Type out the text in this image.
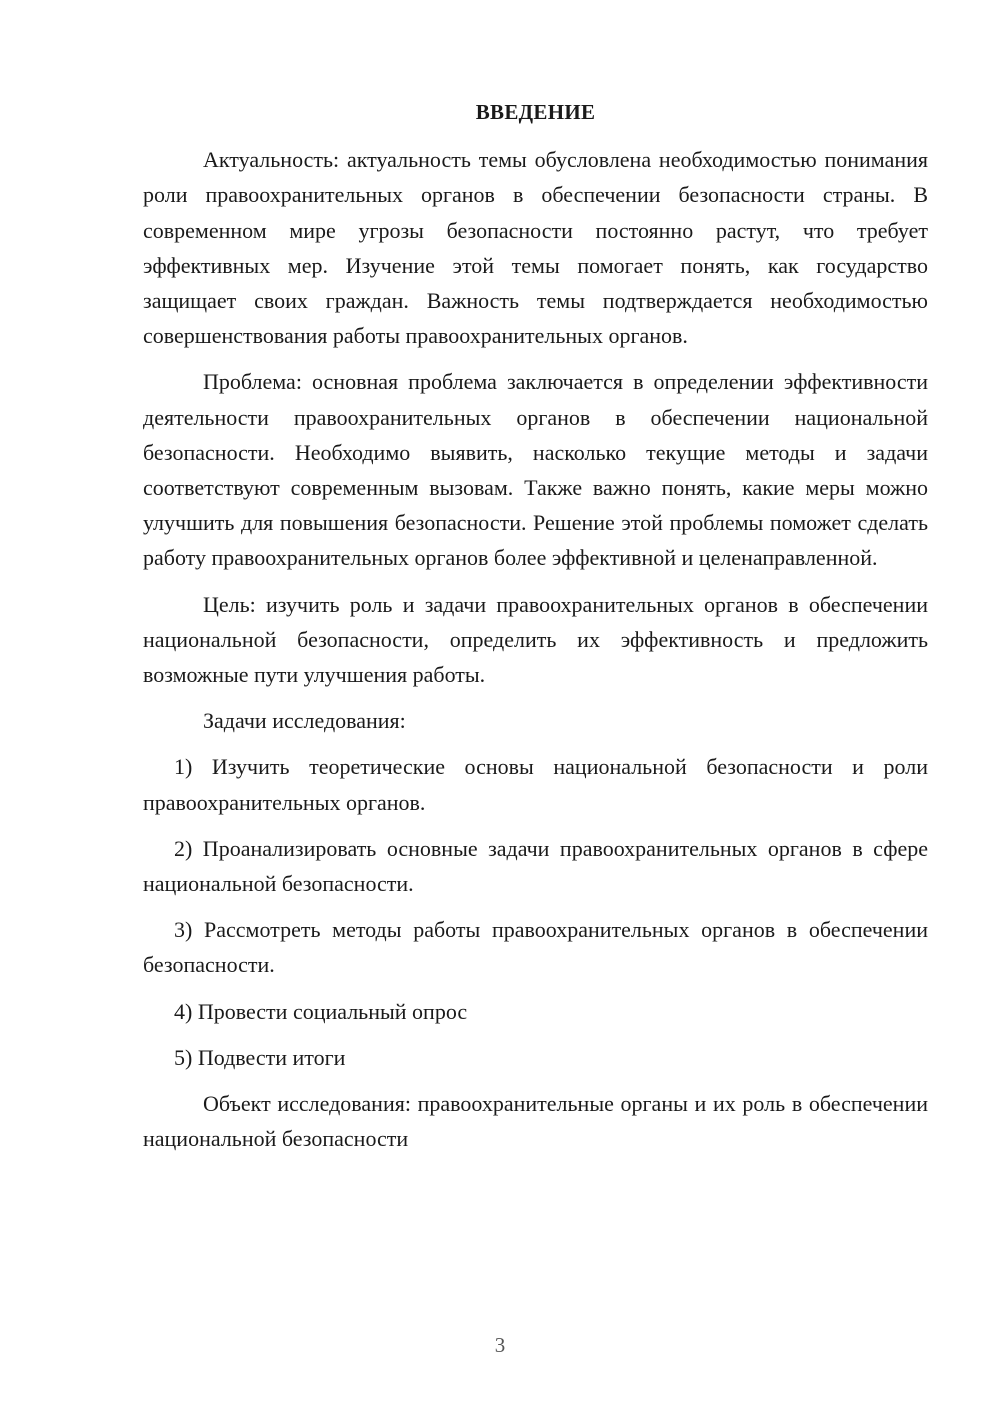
ВВЕДЕНИЕ

Актуальность: актуальность темы обусловлена необходимостью понимания роли правоохранительных органов в обеспечении безопасности страны. В современном мире угрозы безопасности постоянно растут, что требует эффективных мер. Изучение этой темы помогает понять, как государство защищает своих граждан. Важность темы подтверждается необходимостью совершенствования работы правоохранительных органов.

Проблема: основная проблема заключается в определении эффективности деятельности правоохранительных органов в обеспечении национальной безопасности. Необходимо выявить, насколько текущие методы и задачи соответствуют современным вызовам. Также важно понять, какие меры можно улучшить для повышения безопасности. Решение этой проблемы поможет сделать работу правоохранительных органов более эффективной и целенаправленной.

Цель: изучить роль и задачи правоохранительных органов в обеспечении национальной безопасности, определить их эффективность и предложить возможные пути улучшения работы.

Задачи исследования:

1) Изучить теоретические основы национальной безопасности и роли правоохранительных органов.

2) Проанализировать основные задачи правоохранительных органов в сфере национальной безопасности.

3) Рассмотреть методы работы правоохранительных органов в обеспечении безопасности.

4) Провести социальный опрос

5) Подвести итоги

Объект исследования: правоохранительные органы и их роль в обеспечении национальной безопасности

3
